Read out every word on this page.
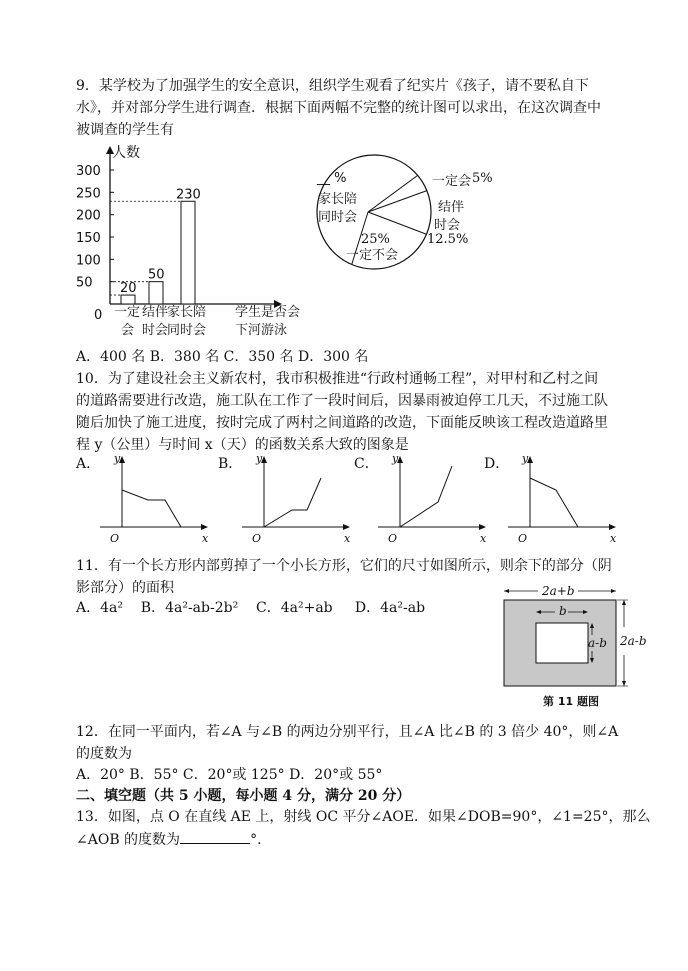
9．某学校为了加强学生的安全意识，组织学生观看了纪实片《孩子，请不要私自下
水》，并对部分学生进行调查．根据下面两幅不完整的统计图可以求出，在这次调查中
被调查的学生有
人数
300
250
200
150
100
50
0
20
一定
会
50
结伴
时会
230
家长陪
同时会
学生是否会
下河游泳
__ %
家长陪
同时会
一定会 5%
结伴
时会
12.5%
25%
一定不会
A．400 名 B．380 名 C．350 名 D．300 名
10．为了建设社会主义新农村，我市积极推进“行政村通畅工程”，对甲村和乙村之间
的道路需要进行改造，施工队在工作了一段时间后，因暴雨被迫停工几天，不过施工队
随后加快了施工进度，按时完成了两村之间道路的改造，下面能反映该工程改造道路里
程 y（公里）与时间 x（天）的函数关系大致的图象是
A． y
x
O
B． y
x
O
C． y
x
O
D． y
x
O
11．有一个长方形内部剪掉了一个小长方形，它们的尺寸如图所示，则余下的部分（阴
影部分）的面积
A．4a² B．4a²-ab-2b² C．4a²+ab D．4a²-ab
2a+b
b
a-b 2a-b
第 11 题图
12．在同一平面内，若∠A 与∠B 的两边分别平行，且∠A 比∠B 的 3 倍少 40°，则∠A
的度数为
A．20° B．55° C．20°或 125° D．20°或 55°
二、填空题（共 5 小题，每小题 4 分，满分 20 分）
13．如图，点 O 在直线 AE 上，射线 OC 平分∠AOE．如果∠DOB=90°，∠1=25°，那么
∠AOB 的度数为	°.
